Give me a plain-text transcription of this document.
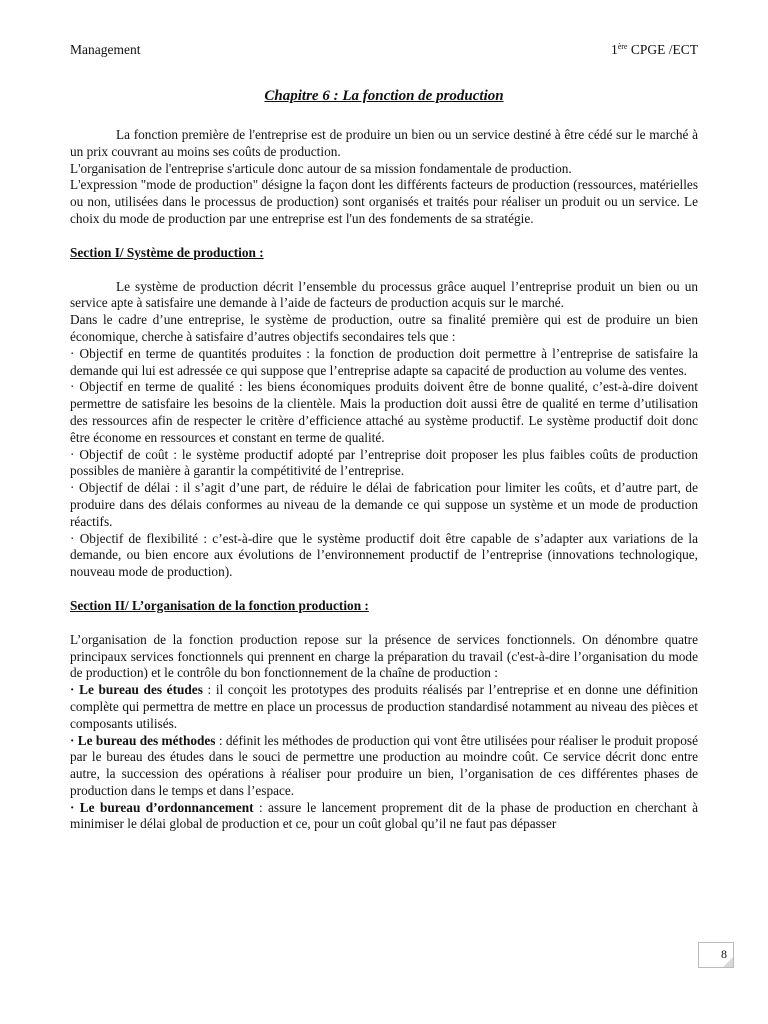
Management	1ère CPGE /ECT
Chapitre 6 : La fonction de production

La fonction première de l'entreprise est de produire un bien ou un service destiné à être cédé sur le marché à un prix couvrant au moins ses coûts de production.

L'organisation de l'entreprise s'articule donc autour de sa mission fondamentale de production.

L'expression "mode de production" désigne la façon dont les différents facteurs de production (ressources, matérielles ou non, utilisées dans le processus de production) sont organisés et traités pour réaliser un produit ou un service. Le choix du mode de production par une entreprise est l'un des fondements de sa stratégie.

Section I/ Système de production :

Le système de production décrit l’ensemble du processus grâce auquel l’entreprise produit un bien ou un service apte à satisfaire une demande à l’aide de facteurs de production acquis sur le marché.

Dans le cadre d’une entreprise, le système de production, outre sa finalité première qui est de produire un bien économique, cherche à satisfaire d’autres objectifs secondaires tels que :

· Objectif en terme de quantités produites : la fonction de production doit permettre à l’entreprise de satisfaire la demande qui lui est adressée ce qui suppose que l’entreprise adapte sa capacité de production au volume des ventes.

· Objectif en terme de qualité : les biens économiques produits doivent être de bonne qualité, c’est-à-dire doivent permettre de satisfaire les besoins de la clientèle. Mais la production doit aussi être de qualité en terme d’utilisation des ressources afin de respecter le critère d’efficience attaché au système productif. Le système productif doit donc être économe en ressources et constant en terme de qualité.

· Objectif de coût : le système productif adopté par l’entreprise doit proposer les plus faibles coûts de production possibles de manière à garantir la compétitivité de l’entreprise.

· Objectif de délai : il s’agit d’une part, de réduire le délai de fabrication pour limiter les coûts, et d’autre part, de produire dans des délais conformes au niveau de la demande ce qui suppose un système et un mode de production réactifs.

· Objectif de flexibilité : c’est-à-dire que le système productif doit être capable de s’adapter aux variations de la demande, ou bien encore aux évolutions de l’environnement productif de l’entreprise (innovations technologique, nouveau mode de production).

Section II/ L’organisation de la fonction production :

L’organisation de la fonction production repose sur la présence de services fonctionnels. On dénombre quatre principaux services fonctionnels qui prennent en charge la préparation du travail (c'est-à-dire l’organisation du mode de production) et le contrôle du bon fonctionnement de la chaîne de production :

· Le bureau des études : il conçoit les prototypes des produits réalisés par l’entreprise et en donne une définition complète qui permettra de mettre en place un processus de production standardisé notamment au niveau des pièces et composants utilisés.

· Le bureau des méthodes : définit les méthodes de production qui vont être utilisées pour réaliser le produit proposé par le bureau des études dans le souci de permettre une production au moindre coût. Ce service décrit donc entre autre, la succession des opérations à réaliser pour produire un bien, l’organisation de ces différentes phases de production dans le temps et dans l’espace.

· Le bureau d’ordonnancement : assure le lancement proprement dit de la phase de production en cherchant à minimiser le délai global de production et ce, pour un coût global qu’il ne faut pas dépasser

8
